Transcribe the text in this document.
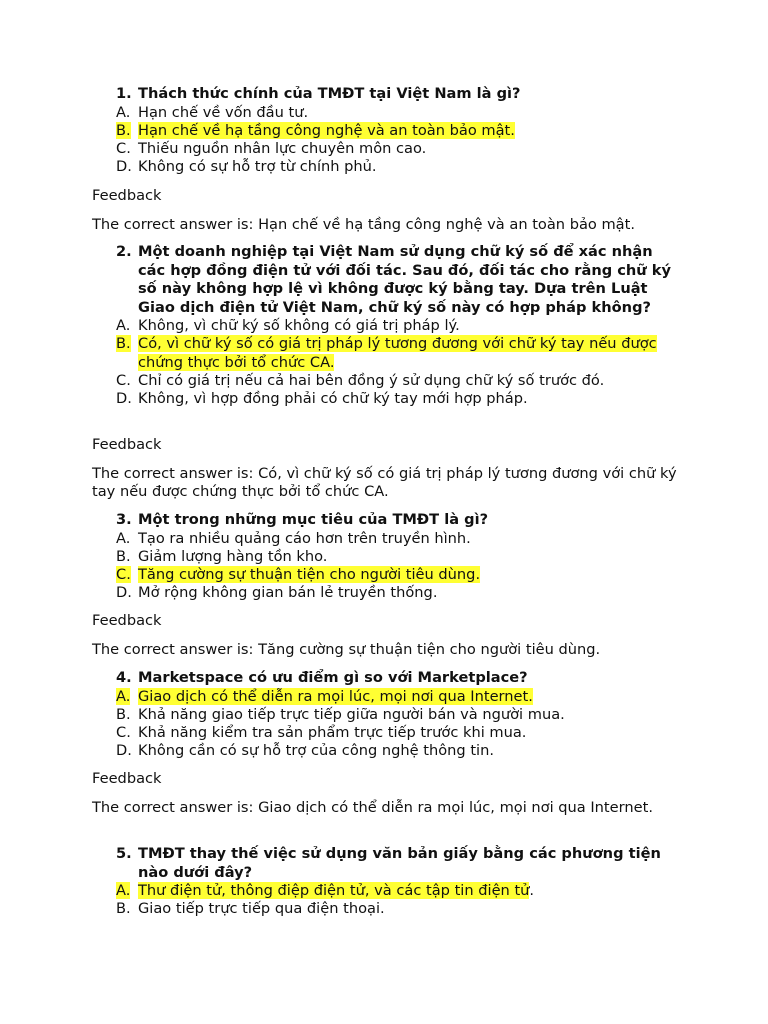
1. Thách thức chính của TMĐT tại Việt Nam là gì?
A. Hạn chế về vốn đầu tư.
B. Hạn chế về hạ tầng công nghệ và an toàn bảo mật.
C. Thiếu nguồn nhân lực chuyên môn cao.
D. Không có sự hỗ trợ từ chính phủ.
Feedback
The correct answer is: Hạn chế về hạ tầng công nghệ và an toàn bảo mật.
2. Một doanh nghiệp tại Việt Nam sử dụng chữ ký số để xác nhận các hợp đồng điện tử với đối tác. Sau đó, đối tác cho rằng chữ ký số này không hợp lệ vì không được ký bằng tay. Dựa trên Luật Giao dịch điện tử Việt Nam, chữ ký số này có hợp pháp không?
A. Không, vì chữ ký số không có giá trị pháp lý.
B. Có, vì chữ ký số có giá trị pháp lý tương đương với chữ ký tay nếu được chứng thực bởi tổ chức CA.
C. Chỉ có giá trị nếu cả hai bên đồng ý sử dụng chữ ký số trước đó.
D. Không, vì hợp đồng phải có chữ ký tay mới hợp pháp.
Feedback
The correct answer is: Có, vì chữ ký số có giá trị pháp lý tương đương với chữ ký tay nếu được chứng thực bởi tổ chức CA.
3. Một trong những mục tiêu của TMĐT là gì?
A. Tạo ra nhiều quảng cáo hơn trên truyền hình.
B. Giảm lượng hàng tồn kho.
C. Tăng cường sự thuận tiện cho người tiêu dùng.
D. Mở rộng không gian bán lẻ truyền thống.
Feedback
The correct answer is: Tăng cường sự thuận tiện cho người tiêu dùng.
4. Marketspace có ưu điểm gì so với Marketplace?
A. Giao dịch có thể diễn ra mọi lúc, mọi nơi qua Internet.
B. Khả năng giao tiếp trực tiếp giữa người bán và người mua.
C. Khả năng kiểm tra sản phẩm trực tiếp trước khi mua.
D. Không cần có sự hỗ trợ của công nghệ thông tin.
Feedback
The correct answer is: Giao dịch có thể diễn ra mọi lúc, mọi nơi qua Internet.
5. TMĐT thay thế việc sử dụng văn bản giấy bằng các phương tiện nào dưới đây?
A. Thư điện tử, thông điệp điện tử, và các tập tin điện tử.
B. Giao tiếp trực tiếp qua điện thoại.
